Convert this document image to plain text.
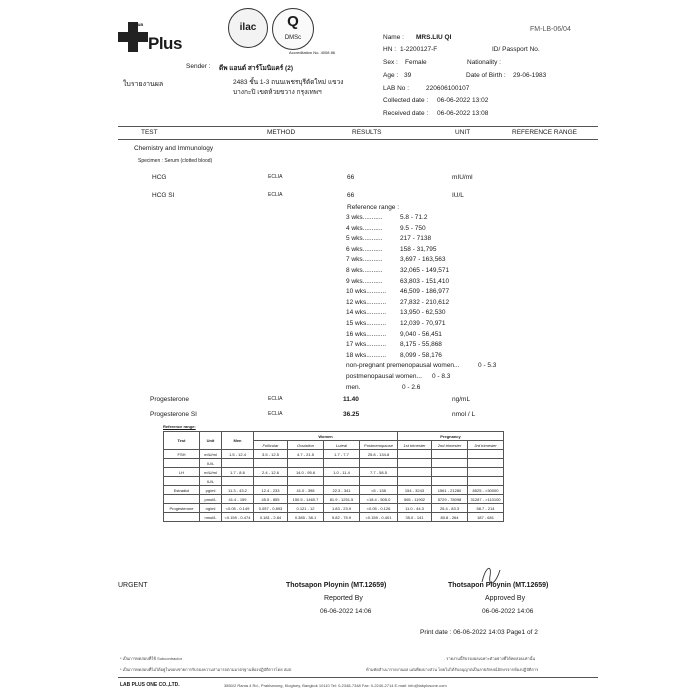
LAB
Plus
ilac	Q
DMSc
Accreditation No. 4008 86
FM-LB-06/04
Sender : ดีพ แอนด์ สาร์โมนิแคร์ (2)
2483 ชั้น 1-3 ถนนเพชรบุรีตัดใหม่ แขวง
บางกะปิ เขตห้วยขวาง กรุงเทพฯ
ใบรายงานผล
Name : MRS.LIU QI
HN : 1-2200127-F	ID/ Passport No.
Sex : Female	Nationality :
Age : 39	Date of Birth : 29-06-1983
LAB No :	220606100107
Collected date : 06-06-2022 13:02
Received date : 06-06-2022 13:08
TEST	METHOD	RESULTS	UNIT	REFERENCE RANGE
Chemistry and Immunology
Specimen : Serum (clotted blood)
HCG	ECLIA	66	mIU/ml
HCG SI	ECLIA	66	IU/L
Reference range :
3 wks...........	5.8 - 71.2
4 wks...........	9.5 - 750
5 wks...........	217 - 7138
6 wks...........	158 - 31,795
7 wks...........	3,697 - 163,563
8 wks...........	32,065 - 149,571
9 wks...........	63,803 - 151,410
10 wks........... 46,509 - 186,977
12 wks........... 27,832 - 210,612
14 wks........... 13,950 - 62,530
15 wks........... 12,039 - 70,971
16 wks........... 9,040 - 56,451
17 wks........... 8,175 - 55,868
18 wks........... 8,099 - 58,176
non-pregnant premenopausal women...	0 - 5.3
postmenopausal women... 0 - 8.3
men.	0 - 2.6
Progesterone	ECLIA	11.40	ng/mL
Progesterone SI	ECLIA	36.25	nmol / L
Reference range:
Test	Unit	Men	Women				Pregnancy		
			Follicular	Ovulation	Luteal	Postmenopause	1st trimester	2nd trimester	3rd trimester
FSH	mIU/ml	1.5 - 12.4	3.5 - 12.5	4.7 - 21.5	1.7 - 7.7	25.8 - 134.8			
	IU/L								
LH	mIU/ml	1.7 - 8.6	2.4 - 12.6	14.0 - 95.6	1.0 - 11.4	7.7 - 58.5			
	IU/L								
Estradiol	pg/ml	11.3 - 43.2	12.4 - 233	41.0 - 398	22.3 - 341	<5 - 138	154 - 3243	1561 - 21280	8525 - >30000
	pmol/L	41.4 - 159	45.5 - 855	150.5 - 1460.7	81.9 - 1251.5	<18.4 - 505.0	565 - 11902	5729 - 78098	31287 - >110100
Progesterone	ng/ml	<0.05 - 0.149	0.057 - 0.893	0.121 - 12	1.83 - 23.9	<0.05 - 0.126	11.0 - 44.3	25.4 - 83.3	58.7 - 214
	nmol/L	<0.159 - 0.474	0.181 - 2.84	0.385 - 38.1	5.82 - 75.9	<0.159 - 0.401	35.0 - 141	80.8 - 264	187 - 681
URGENT	Thotsapon Ploynin (MT.12659)
Reported By
06-06-2022 14:06
Thotsapon Ploynin (MT.12659)
Approved By
06-06-2022 14:06
Print date : 06-06-2022 14:03 Page1 of 2
* เป็นการทดสอบที่ใช้ Subcontractor
* เป็นการทดสอบที่ไม่ได้อยู่ในขอบข่ายการรับรองความสามารถตามมาตรฐานห้องปฏิบัติการโดย สมป
. รายงานนี้รับรองผลเฉพาะตัวอย่างที่ได้ทดสอบเท่านั้น
ห้ามคัดสำเนารายงานผล แต่เพียงบางส่วน โดยไม่ได้รับอนุญาตเป็นลายลักษณ์อักษรจากห้องปฏิบัติการ
LAB PLUS ONE CO.,LTD.	3850/2 Rama 4 Rd., Prakhanong, Klogtoey, Bangkok 10110 Tel: 0-2348-7348 Fax: 0-2240-2714 E-mail: info@labplusone.com
